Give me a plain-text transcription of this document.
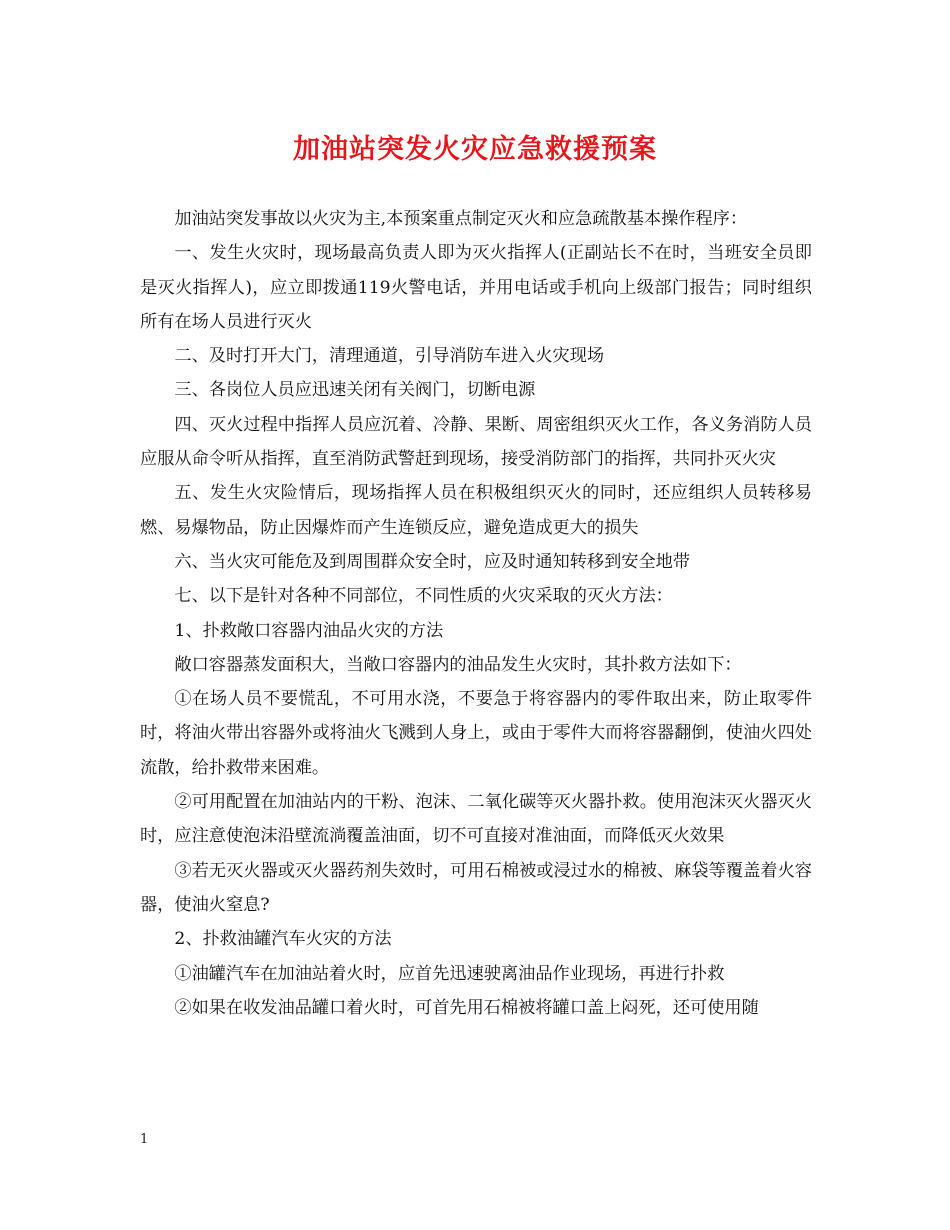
加油站突发火灾应急救援预案

加油站突发事故以火灾为主,本预案重点制定灭火和应急疏散基本操作程序：

一、发生火灾时，现场最高负责人即为灭火指挥人(正副站长不在时，当班安全员即是灭火指挥人)，应立即拨通119火警电话，并用电话或手机向上级部门报告；同时组织所有在场人员进行灭火

二、及时打开大门，清理通道，引导消防车进入火灾现场

三、各岗位人员应迅速关闭有关阀门，切断电源

四、灭火过程中指挥人员应沉着、冷静、果断、周密组织灭火工作，各义务消防人员应服从命令听从指挥，直至消防武警赶到现场，接受消防部门的指挥，共同扑灭火灾

五、发生火灾险情后，现场指挥人员在积极组织灭火的同时，还应组织人员转移易燃、易爆物品，防止因爆炸而产生连锁反应，避免造成更大的损失

六、当火灾可能危及到周围群众安全时，应及时通知转移到安全地带

七、以下是针对各种不同部位，不同性质的火灾采取的灭火方法：

1、扑救敞口容器内油品火灾的方法

敞口容器蒸发面积大，当敞口容器内的油品发生火灾时，其扑救方法如下：

①在场人员不要慌乱，不可用水浇，不要急于将容器内的零件取出来，防止取零件时，将油火带出容器外或将油火飞溅到人身上，或由于零件大而将容器翻倒，使油火四处流散，给扑救带来困难。

②可用配置在加油站内的干粉、泡沫、二氧化碳等灭火器扑救。使用泡沫灭火器灭火时，应注意使泡沫沿壁流淌覆盖油面，切不可直接对准油面，而降低灭火效果

③若无灭火器或灭火器药剂失效时，可用石棉被或浸过水的棉被、麻袋等覆盖着火容器，使油火窒息?

2、扑救油罐汽车火灾的方法

①油罐汽车在加油站着火时，应首先迅速驶离油品作业现场，再进行扑救

②如果在收发油品罐口着火时，可首先用石棉被将罐口盖上闷死，还可使用随

1
